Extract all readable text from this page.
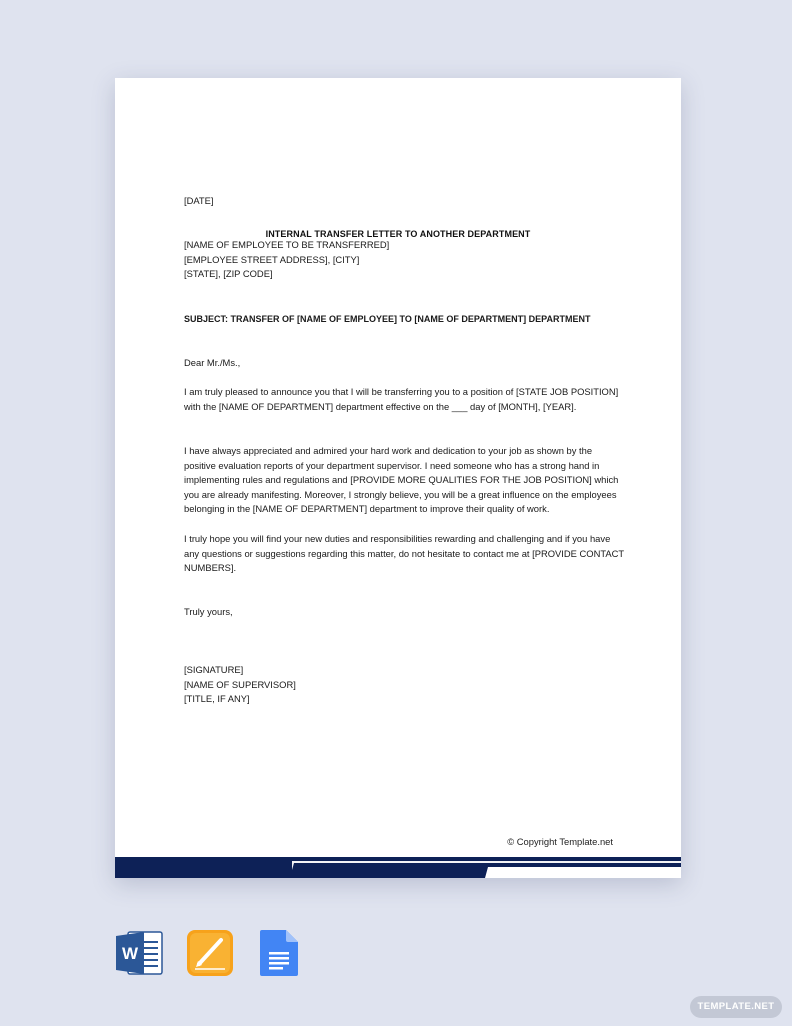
INTERNAL TRANSFER LETTER TO ANOTHER DEPARTMENT
[DATE]
[NAME OF EMPLOYEE TO BE TRANSFERRED]
[EMPLOYEE STREET ADDRESS], [CITY]
[STATE], [ZIP CODE]
SUBJECT: TRANSFER OF [NAME OF EMPLOYEE] TO [NAME OF DEPARTMENT] DEPARTMENT
Dear Mr./Ms.,
I am truly pleased to announce you that I will be transferring you to a position of [STATE JOB POSITION] with the [NAME OF DEPARTMENT] department effective on the ___ day of [MONTH], [YEAR].
I have always appreciated and admired your hard work and dedication to your job as shown by the positive evaluation reports of your department supervisor. I need someone who has a strong hand in implementing rules and regulations and [PROVIDE MORE QUALITIES FOR THE JOB POSITION] which you are already manifesting. Moreover, I strongly believe, you will be a great influence on the employees belonging in the [NAME OF DEPARTMENT] department to improve their quality of work.
I truly hope you will find your new duties and responsibilities rewarding and challenging and if you have any questions or suggestions regarding this matter, do not hesitate to contact me at [PROVIDE CONTACT NUMBERS].
Truly yours,
[SIGNATURE]
[NAME OF SUPERVISOR]
[TITLE, IF ANY]
© Copyright Template.net
W
TEMPLATE.NET
